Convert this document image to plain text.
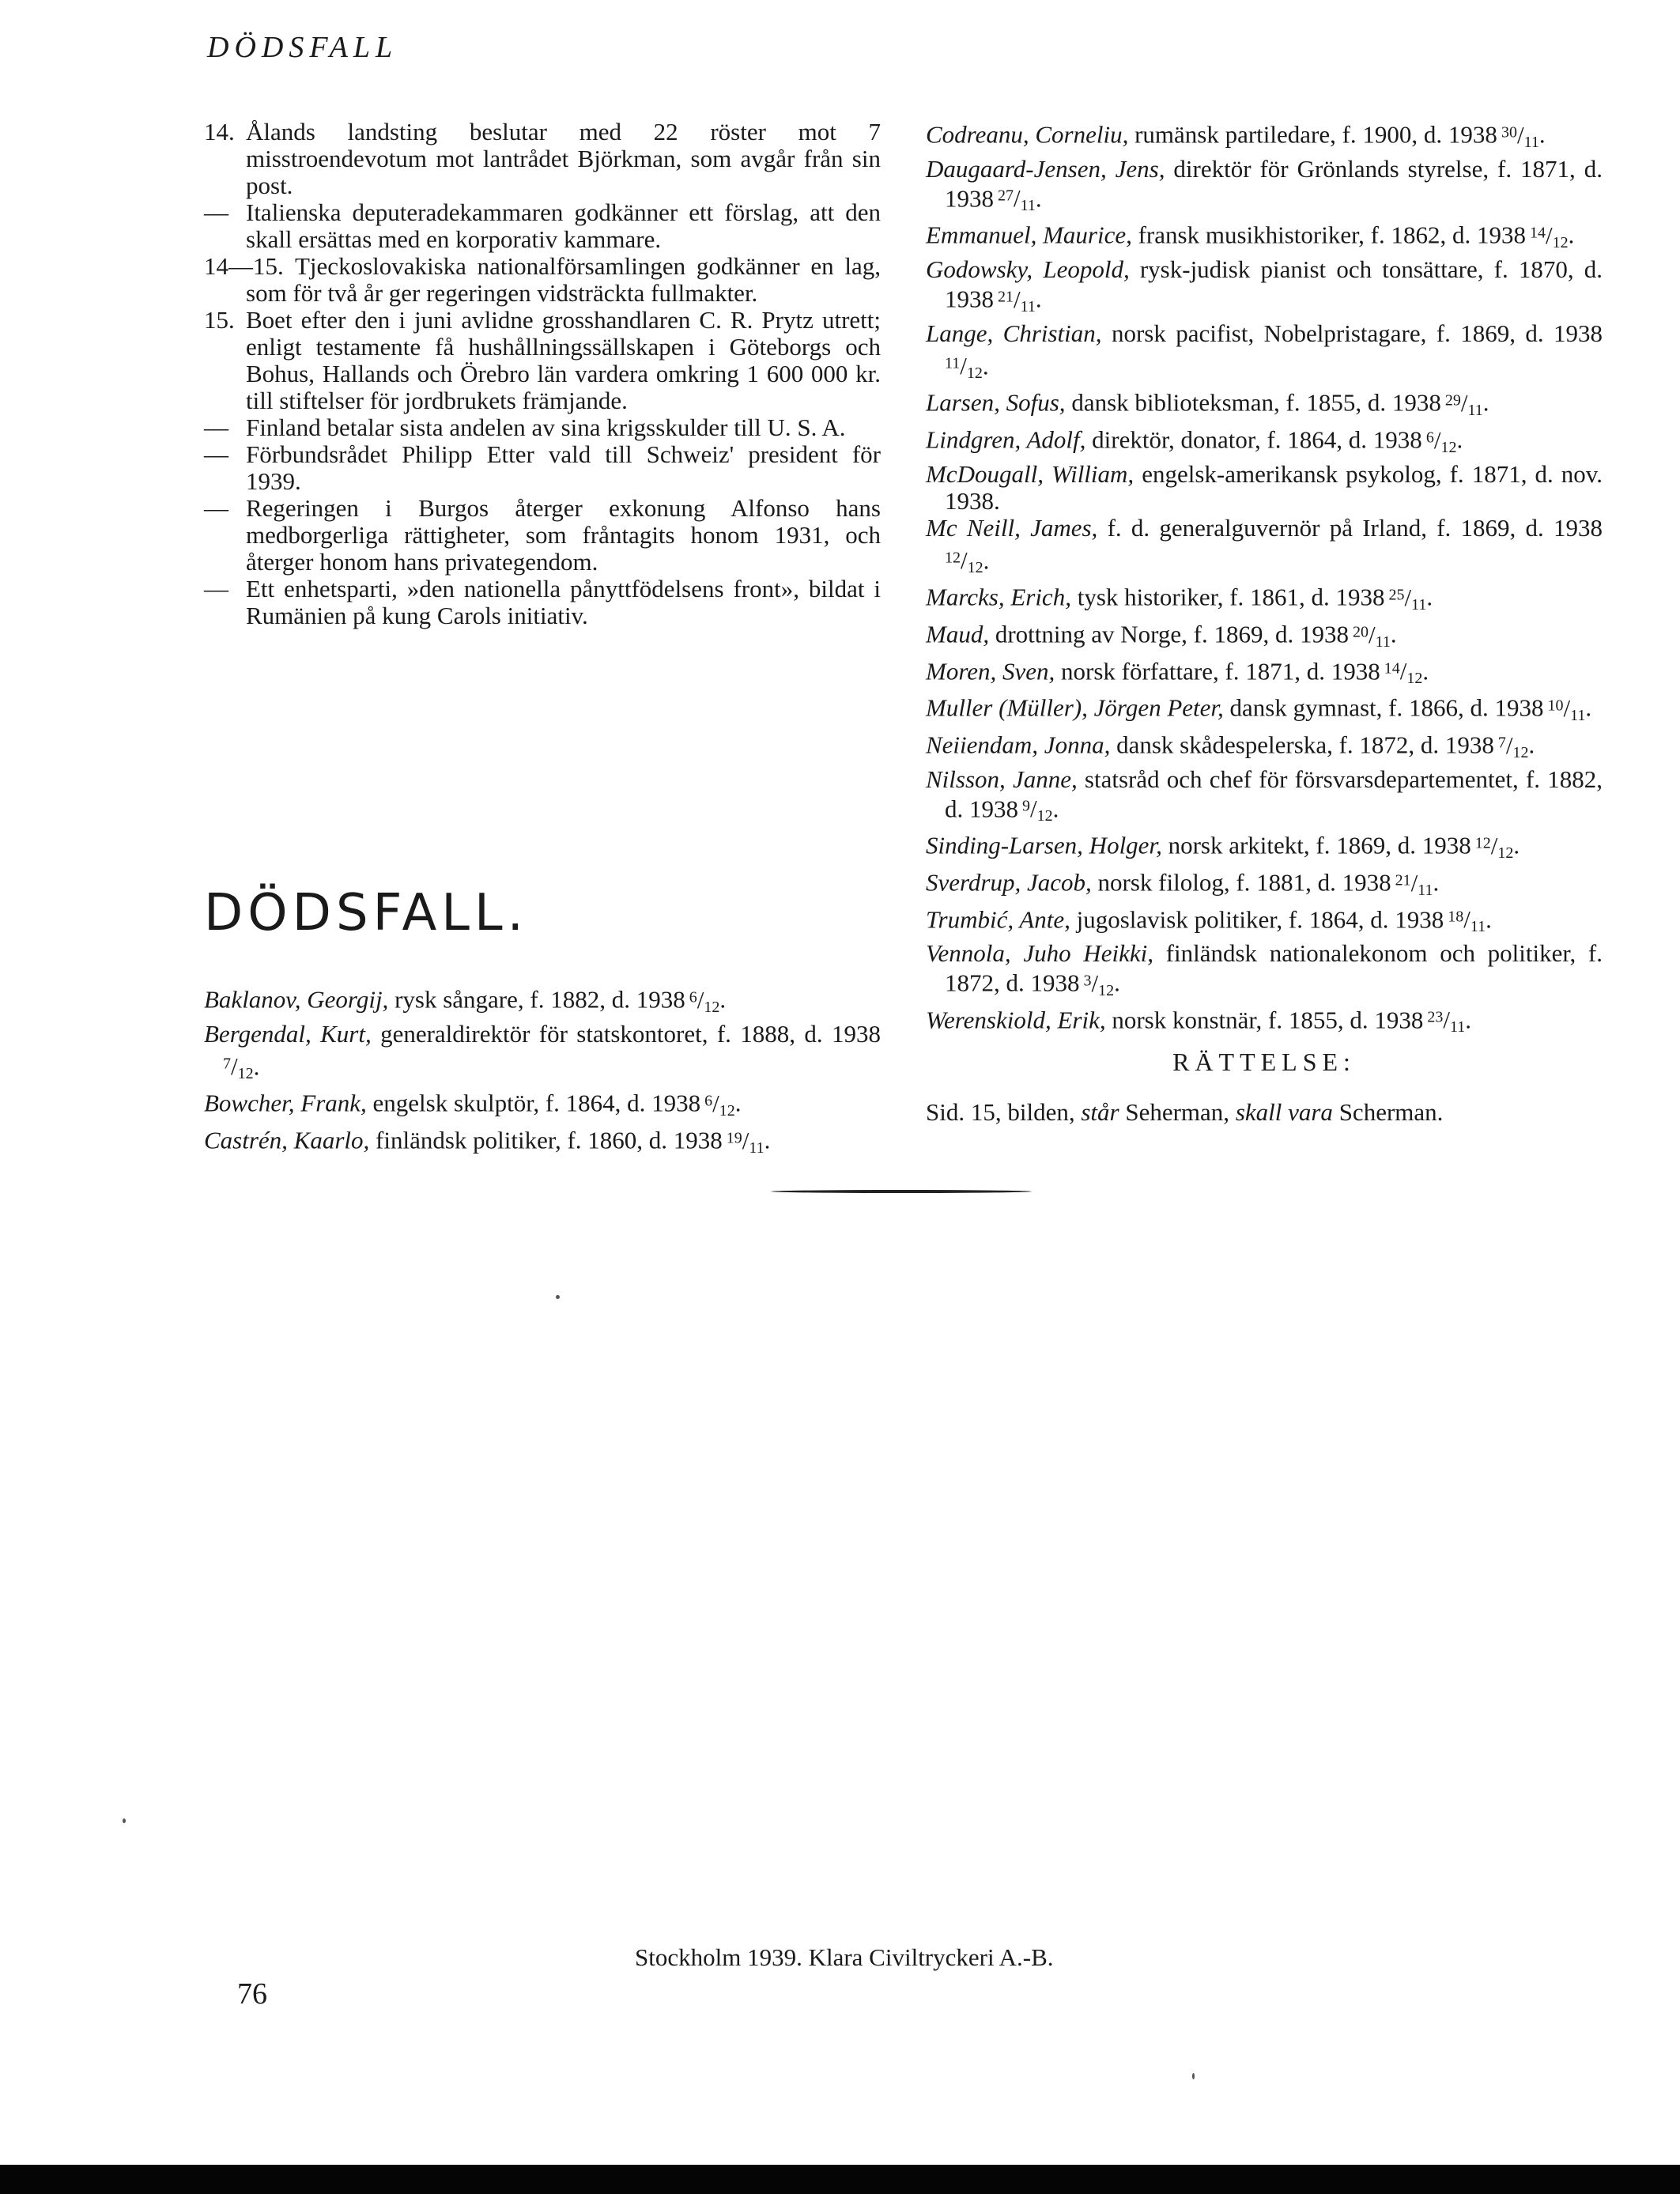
DÖDSFALL
14. Ålands landsting beslutar med 22 röster mot 7 misstroendevotum mot lantrådet Björkman, som avgår från sin post.
— Italienska deputeradekammaren godkänner ett förslag, att den skall ersättas med en korporativ kammare.
14—15. Tjeckoslovakiska nationalförsamlingen godkänner en lag, som för två år ger regeringen vidsträckta fullmakter.
15. Boet efter den i juni avlidne grosshandlaren C. R. Prytz utrett; enligt testamente få hushållningssällskapen i Göteborgs och Bohus, Hallands och Örebro län vardera omkring 1 600 000 kr. till stiftelser för jordbrukets främjande.
— Finland betalar sista andelen av sina krigsskulder till U. S. A.
— Förbundsrådet Philipp Etter vald till Schweiz' president för 1939.
— Regeringen i Burgos återger exkonung Alfonso hans medborgerliga rättigheter, som fråntagits honom 1931, och återger honom hans privategendom.
— Ett enhetsparti, »den nationella pånyttfödelsens front», bildat i Rumänien på kung Carols initiativ.
DÖDSFALL.
Baklanov, Georgij, rysk sångare, f. 1882, d. 1938 $^6/_{12}$.
Bergendal, Kurt, generaldirektör för statskontoret, f. 1888, d. 1938 $^7/_{12}$.
Bowcher, Frank, engelsk skulptör, f. 1864, d. 1938 $^6/_{12}$.
Castrén, Kaarlo, finländsk politiker, f. 1860, d. 1938 $^{19}/_{11}$.
Codreanu, Corneliu, rumänsk partiledare, f. 1900, d. 1938 $^{30}/_{11}$.
Daugaard-Jensen, Jens, direktör för Grönlands styrelse, f. 1871, d. 1938 $^{27}/_{11}$.
Emmanuel, Maurice, fransk musikhistoriker, f. 1862, d. 1938 $^{14}/_{12}$.
Godowsky, Leopold, rysk-judisk pianist och tonsättare, f. 1870, d. 1938 $^{21}/_{11}$.
Lange, Christian, norsk pacifist, Nobelpristagare, f. 1869, d. 1938 $^{11}/_{12}$.
Larsen, Sofus, dansk biblioteksman, f. 1855, d. 1938 $^{29}/_{11}$.
Lindgren, Adolf, direktör, donator, f. 1864, d. 1938 $^6/_{12}$.
McDougall, William, engelsk-amerikansk psykolog, f. 1871, d. nov. 1938.
Mc Neill, James, f. d. generalguvernör på Irland, f. 1869, d. 1938 $^{12}/_{12}$.
Marcks, Erich, tysk historiker, f. 1861, d. 1938 $^{25}/_{11}$.
Maud, drottning av Norge, f. 1869, d. 1938 $^{20}/_{11}$.
Moren, Sven, norsk författare, f. 1871, d. 1938 $^{14}/_{12}$.
Muller (Müller), Jörgen Peter, dansk gymnast, f. 1866, d. 1938 $^{10}/_{11}$.
Neiiendam, Jonna, dansk skådespelerska, f. 1872, d. 1938 $^7/_{12}$.
Nilsson, Janne, statsråd och chef för försvarsdepartementet, f. 1882, d. 1938 $^9/_{12}$.
Sinding-Larsen, Holger, norsk arkitekt, f. 1869, d. 1938 $^{12}/_{12}$.
Sverdrup, Jacob, norsk filolog, f. 1881, d. 1938 $^{21}/_{11}$.
Trumbić, Ante, jugoslavisk politiker, f. 1864, d. 1938 $^{18}/_{11}$.
Vennola, Juho Heikki, finländsk nationalekonom och politiker, f. 1872, d. 1938 $^3/_{12}$.
Werenskiold, Erik, norsk konstnär, f. 1855, d. 1938 $^{23}/_{11}$.
RÄTTELSE:
Sid. 15, bilden, står Seherman, skall vara Scherman.
Stockholm 1939. Klara Civiltryckeri A.-B.
76
